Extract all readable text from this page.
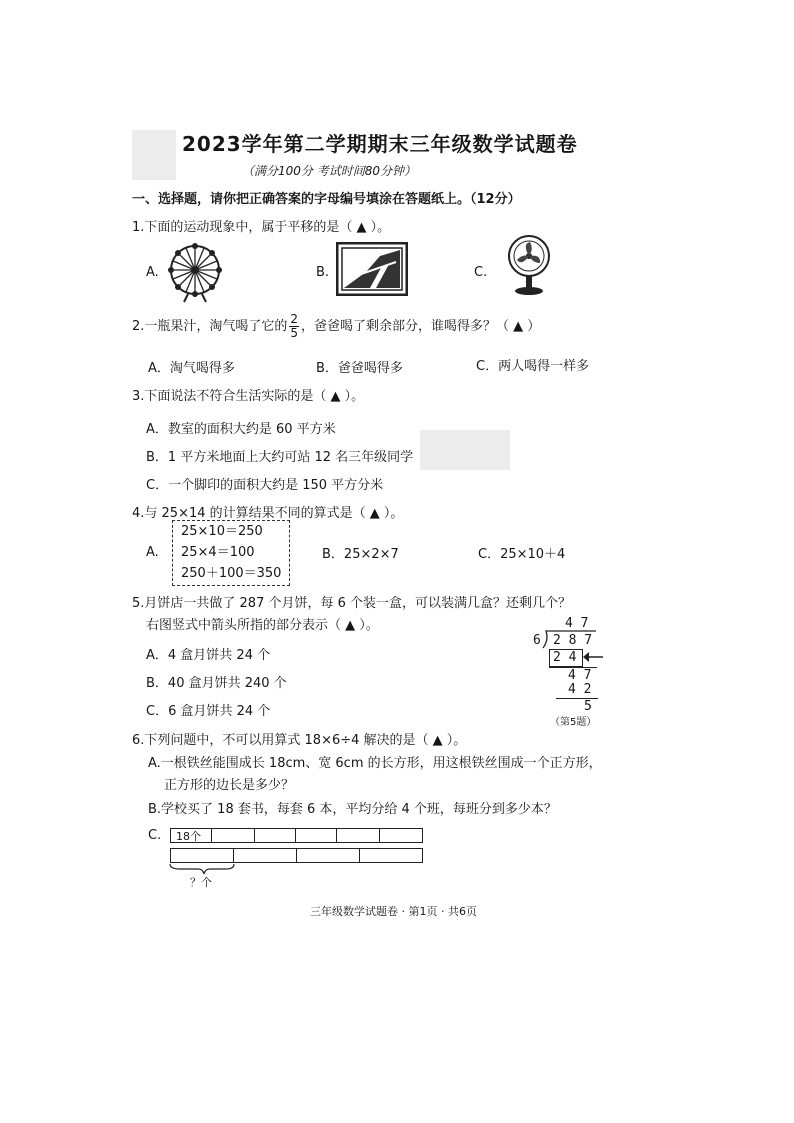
2023学年第二学期期末三年级数学试题卷
（满分100分 考试时间80分钟）
一、选择题，请你把正确答案的字母编号填涂在答题纸上。（12分）
1.下面的运动现象中，属于平移的是（ ▲ ）。
A.	B.	C.
2.一瓶果汁，淘气喝了它的 $\frac{2}{5}$ ，爸爸喝了剩余部分，谁喝得多？（ ▲ ）
A．淘气喝得多	B．爸爸喝得多	C．两人喝得一样多
3.下面说法不符合生活实际的是（ ▲ ）。
A．教室的面积大约是 60 平方米
B．1 平方米地面上大约可站 12 名三年级同学
C．一个脚印的面积大约是 150 平方分米
4.与 25×14 的计算结果不同的算式是（ ▲ ）。
A.
25×10＝250
25×4＝100
250＋100＝350
B．25×2×7	C．25×10＋4
5.月饼店一共做了 287 个月饼，每 6 个装一盒，可以装满几盒？还剩几个？
右图竖式中箭头所指的部分表示（ ▲ ）。
A．4 盒月饼共 24 个
B．40 盒月饼共 240 个
C．6 盒月饼共 24 个
4 7
6 2 8 7
2 4
4 7
4 2
5
（第5题）
6.下列问题中，不可以用算式 18×6÷4 解决的是（ ▲ ）。
A.一根铁丝能围成长 18cm、宽 6cm 的长方形，用这根铁丝围成一个正方形，
正方形的边长是多少？
B.学校买了 18 套书，每套 6 本，平均分给 4 个班，每班分到多少本？
C. 18个
？个
三年级数学试题卷 · 第1页 · 共6页
